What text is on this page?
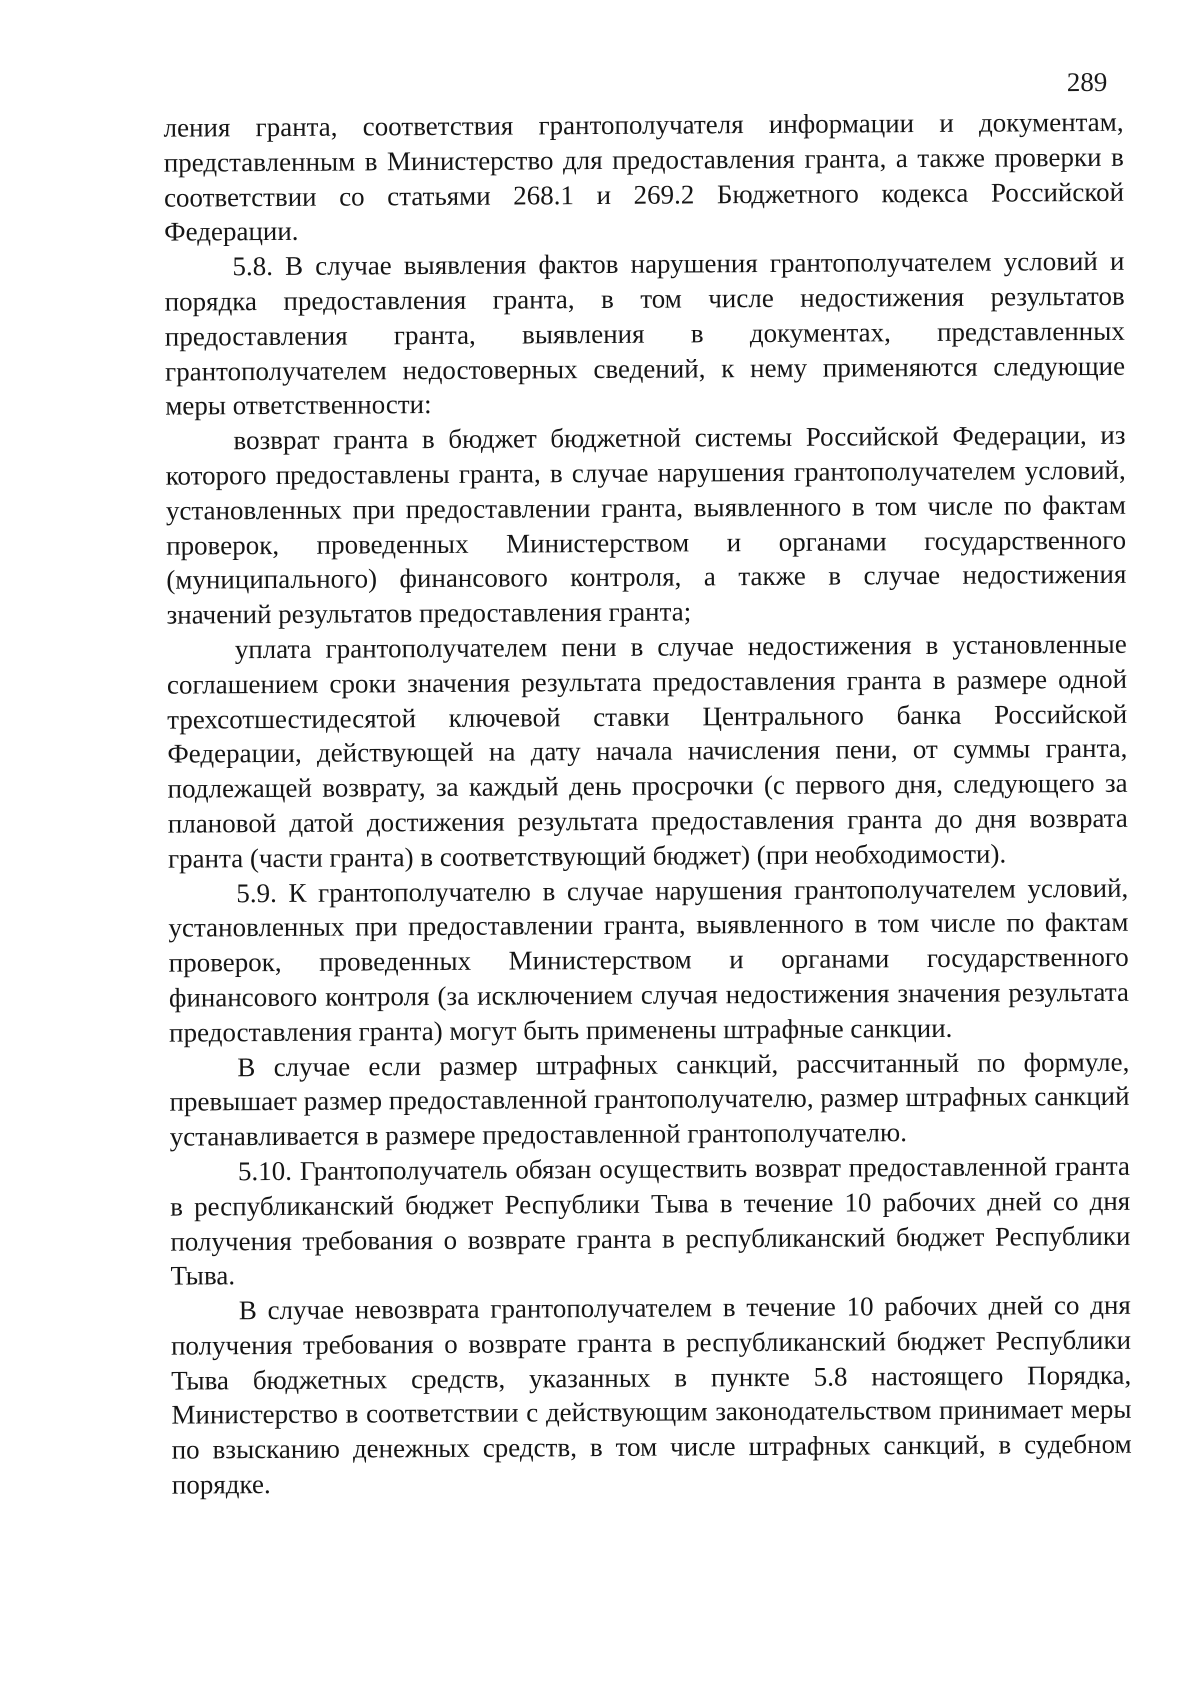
289

ления гранта, соответствия грантополучателя информации и документам, представленным в Министерство для предоставления гранта, а также проверки в соответствии со статьями 268.1 и 269.2 Бюджетного кодекса Российской Федерации.

5.8. В случае выявления фактов нарушения грантополучателем условий и порядка предоставления гранта, в том числе недостижения результатов предоставления гранта, выявления в документах, представленных грантополучателем недостоверных сведений, к нему применяются следующие меры ответственности:

возврат гранта в бюджет бюджетной системы Российской Федерации, из которого предоставлены гранта, в случае нарушения грантополучателем условий, установленных при предоставлении гранта, выявленного в том числе по фактам проверок, проведенных Министерством и органами государственного (муниципального) финансового контроля, а также в случае недостижения значений результатов предоставления гранта;

уплата грантополучателем пени в случае недостижения в установленные соглашением сроки значения результата предоставления гранта в размере одной трехсотшестидесятой ключевой ставки Центрального банка Российской Федерации, действующей на дату начала начисления пени, от суммы гранта, подлежащей возврату, за каждый день просрочки (с первого дня, следующего за плановой датой достижения результата предоставления гранта до дня возврата гранта (части гранта) в соответствующий бюджет) (при необходимости).

5.9. К грантополучателю в случае нарушения грантополучателем условий, установленных при предоставлении гранта, выявленного в том числе по фактам проверок, проведенных Министерством и органами государственного финансового контроля (за исключением случая недостижения значения результата предоставления гранта) могут быть применены штрафные санкции.

В случае если размер штрафных санкций, рассчитанный по формуле, превышает размер предоставленной грантополучателю, размер штрафных санкций устанавливается в размере предоставленной грантополучателю.

5.10. Грантополучатель обязан осуществить возврат предоставленной гранта в республиканский бюджет Республики Тыва в течение 10 рабочих дней со дня получения требования о возврате гранта в республиканский бюджет Республики Тыва.

В случае невозврата грантополучателем в течение 10 рабочих дней со дня получения требования о возврате гранта в республиканский бюджет Республики Тыва бюджетных средств, указанных в пункте 5.8 настоящего Порядка, Министерство в соответствии с действующим законодательством принимает меры по взысканию денежных средств, в том числе штрафных санкций, в судебном порядке.
